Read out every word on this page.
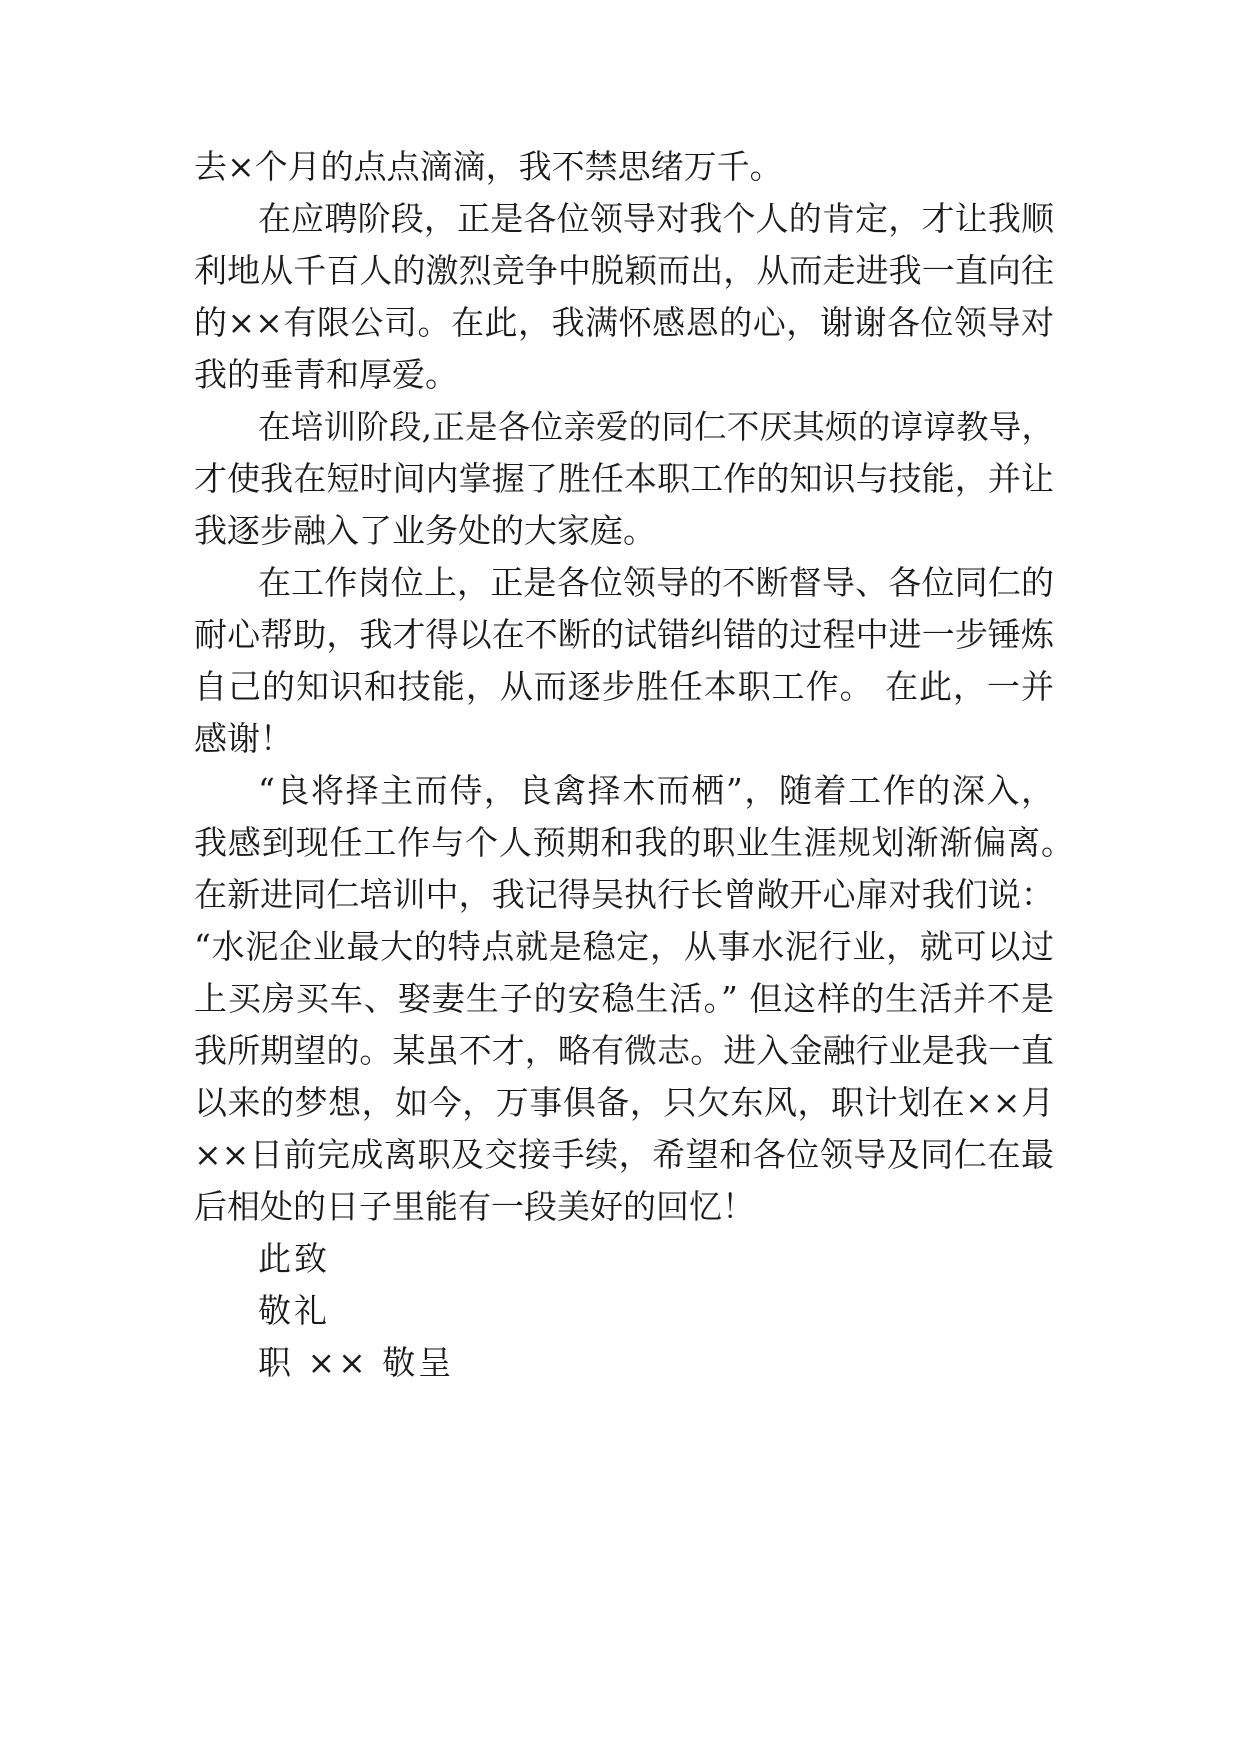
去×个月的点点滴滴，我不禁思绪万千。
在应聘阶段，正是各位领导对我个人的肯定，才让我顺
利地从千百人的激烈竞争中脱颖而出，从而走进我一直向往
的××有限公司。在此，我满怀感恩的心，谢谢各位领导对
我的垂青和厚爱。
在培训阶段,正是各位亲爱的同仁不厌其烦的谆谆教导，
才使我在短时间内掌握了胜任本职工作的知识与技能，并让
我逐步融入了业务处的大家庭。
在工作岗位上，正是各位领导的不断督导、各位同仁的
耐心帮助，我才得以在不断的试错纠错的过程中进一步锤炼
自己的知识和技能，从而逐步胜任本职工作。 在此，一并
感谢！
“良将择主而侍，良禽择木而栖”，随着工作的深入，
我感到现任工作与个人预期和我的职业生涯规划渐渐偏离。
在新进同仁培训中，我记得吴执行长曾敞开心扉对我们说：
“水泥企业最大的特点就是稳定，从事水泥行业，就可以过
上买房买车、娶妻生子的安稳生活。” 但这样的生活并不是
我所期望的。某虽不才，略有微志。进入金融行业是我一直
以来的梦想，如今，万事俱备，只欠东风，职计划在××月
××日前完成离职及交接手续，希望和各位领导及同仁在最
后相处的日子里能有一段美好的回忆！
此致
敬礼
职 ×× 敬呈
